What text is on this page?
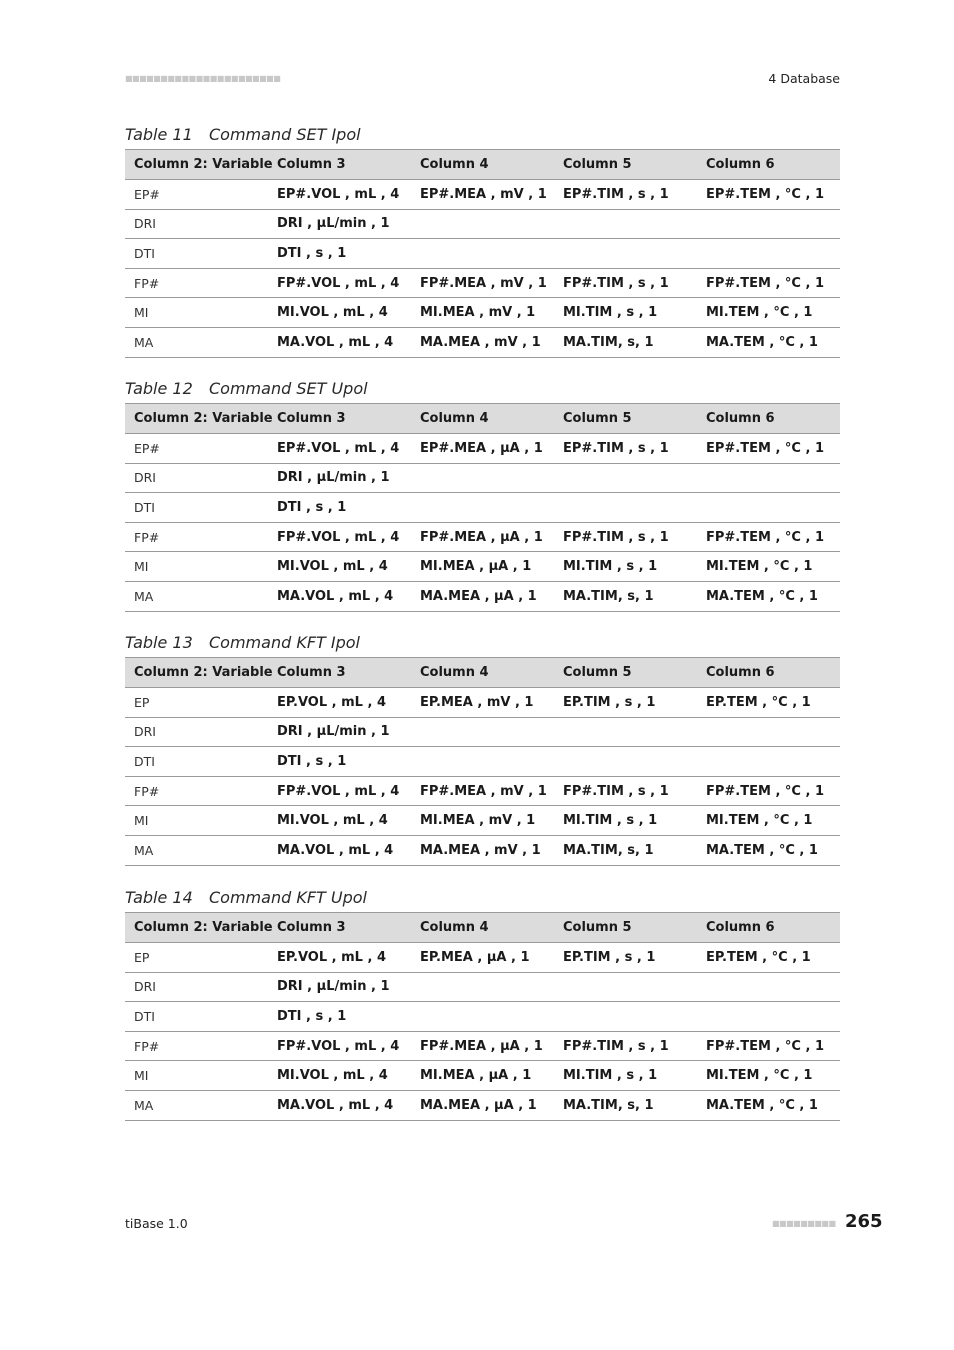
■■■■■■■■■■■■■■■■■■■■■■	4 Database
Table 11	Command SET Ipol
Column 2: Variable	Column 3	Column 4	Column 5	Column 6
EP#	EP#.VOL , mL , 4	EP#.MEA , mV , 1	EP#.TIM , s , 1	EP#.TEM , °C , 1
DRI	DRI , µL/min , 1			
DTI	DTI , s , 1			
FP#	FP#.VOL , mL , 4	FP#.MEA , mV , 1	FP#.TIM , s , 1	FP#.TEM , °C , 1
MI	MI.VOL , mL , 4	MI.MEA , mV , 1	MI.TIM , s , 1	MI.TEM , °C , 1
MA	MA.VOL , mL , 4	MA.MEA , mV , 1	MA.TIM, s, 1	MA.TEM , °C , 1
Table 12	Command SET Upol
Column 2: Variable	Column 3	Column 4	Column 5	Column 6
EP#	EP#.VOL , mL , 4	EP#.MEA , µA , 1	EP#.TIM , s , 1	EP#.TEM , °C , 1
DRI	DRI , µL/min , 1			
DTI	DTI , s , 1			
FP#	FP#.VOL , mL , 4	FP#.MEA , µA , 1	FP#.TIM , s , 1	FP#.TEM , °C , 1
MI	MI.VOL , mL , 4	MI.MEA , µA , 1	MI.TIM , s , 1	MI.TEM , °C , 1
MA	MA.VOL , mL , 4	MA.MEA , µA , 1	MA.TIM, s, 1	MA.TEM , °C , 1
Table 13	Command KFT Ipol
Column 2: Variable	Column 3	Column 4	Column 5	Column 6
EP	EP.VOL , mL , 4	EP.MEA , mV , 1	EP.TIM , s , 1	EP.TEM , °C , 1
DRI	DRI , µL/min , 1			
DTI	DTI , s , 1			
FP#	FP#.VOL , mL , 4	FP#.MEA , mV , 1	FP#.TIM , s , 1	FP#.TEM , °C , 1
MI	MI.VOL , mL , 4	MI.MEA , mV , 1	MI.TIM , s , 1	MI.TEM , °C , 1
MA	MA.VOL , mL , 4	MA.MEA , mV , 1	MA.TIM, s, 1	MA.TEM , °C , 1
Table 14	Command KFT Upol
Column 2: Variable	Column 3	Column 4	Column 5	Column 6
EP	EP.VOL , mL , 4	EP.MEA , µA , 1	EP.TIM , s , 1	EP.TEM , °C , 1
DRI	DRI , µL/min , 1			
DTI	DTI , s , 1			
FP#	FP#.VOL , mL , 4	FP#.MEA , µA , 1	FP#.TIM , s , 1	FP#.TEM , °C , 1
MI	MI.VOL , mL , 4	MI.MEA , µA , 1	MI.TIM , s , 1	MI.TEM , °C , 1
MA	MA.VOL , mL , 4	MA.MEA , µA , 1	MA.TIM, s, 1	MA.TEM , °C , 1
tiBase 1.0	■■■■■■■■■ 265
